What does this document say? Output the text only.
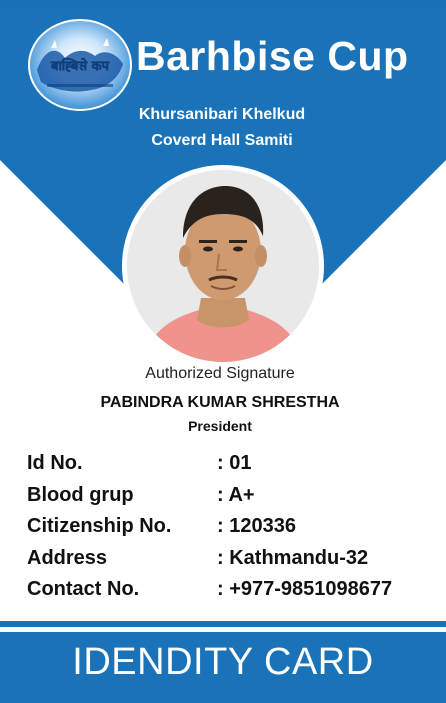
बाह्बिसे कप Barhbise Cup
Khursanibari Khelkud
Coverd Hall Samiti
Authorized Signature
PABINDRA KUMAR SHRESTHA
President
Id No.	: 01
Blood grup	: A+
Citizenship No. : 120336
Address	: Kathmandu-32
Contact No.	: +977-9851098677
IDENDITY CARD
